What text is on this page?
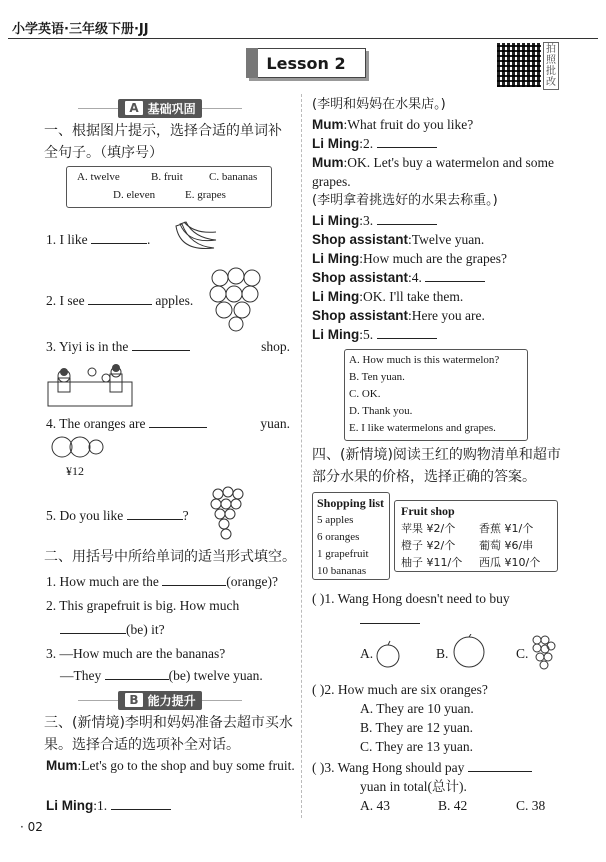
小学英语·三年级下册·JJ
Lesson 2
拍照批改
A 基础巩固
一、根据图片提示，选择合适的单词补全句子。（填序号）
A. twelve	B. fruit C. bananas
D. eleven	E. grapes
1. I like	.
2. I see	apples.
3. Yiyi is in the	shop.
4. The oranges are	yuan.
¥12
5. Do you like	?
二、用括号中所给单词的适当形式填空。
1. How much are the	(orange)?
2. This grapefruit is big. How much
(be) it?
3. —How much are the bananas?
—They	(be) twelve yuan.
B 能力提升
三、(新情境)李明和妈妈准备去超市买水果。选择合适的选项补全对话。
Mum:Let's go to the shop and buy some fruit.
Li Ming:1.
(李明和妈妈在水果店。)
Mum:What fruit do you like?
Li Ming:2.
Mum:OK. Let's buy a watermelon and some grapes.
(李明拿着挑选好的水果去称重。)
Li Ming:3.
Shop assistant:Twelve yuan.
Li Ming:How much are the grapes?
Shop assistant:4.
Li Ming:OK. I'll take them.
Shop assistant:Here you are.
Li Ming:5.
A. How much is this watermelon?
B. Ten yuan.
C. OK.
D. Thank you.
E. I like watermelons and grapes.
四、(新情境)阅读王红的购物清单和超市部分水果的价格，选择正确的答案。
Shopping list
5 apples
6 oranges
1 grapefruit
10 bananas
Fruit shop
苹果 ¥2/个 香蕉 ¥1/个
橙子 ¥2/个 葡萄 ¥6/串
柚子 ¥11/个 西瓜 ¥10/个
( )1. Wang Hong doesn't need to buy
A.	B.	C.
( )2. How much are six oranges?
A. They are 10 yuan.
B. They are 12 yuan.
C. They are 13 yuan.
( )3. Wang Hong should pay
yuan in total(总计).
A. 43	B. 42	C. 38
· 02
